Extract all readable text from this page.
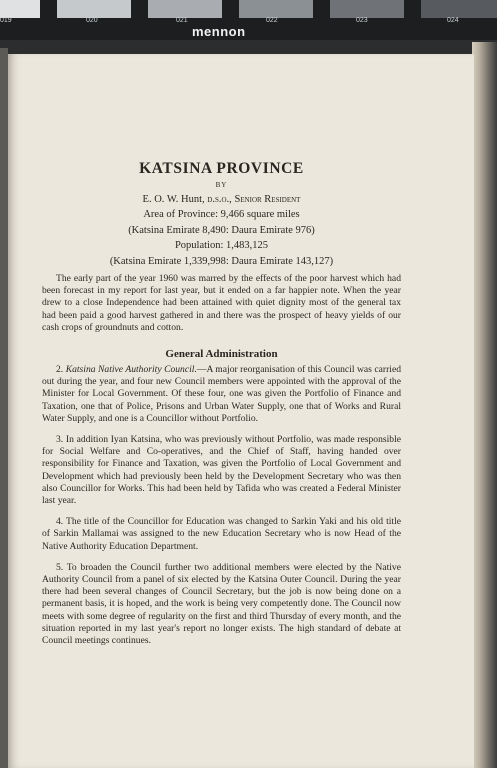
019	020	021	022	023	024
mennon
KATSINA PROVINCE
BY
E. O. W. Hunt, d.s.o., Senior Resident
Area of Province: 9,466 square miles
(Katsina Emirate 8,490: Daura Emirate 976)
Population: 1,483,125
(Katsina Emirate 1,339,998: Daura Emirate 143,127)

The early part of the year 1960 was marred by the effects of the poor harvest which had been forecast in my report for last year, but it ended on a far happier note. When the year drew to a close Independence had been attained with quiet dignity most of the general tax had been paid a good harvest gathered in and there was the prospect of heavy yields of our cash crops of groundnuts and cotton.

General Administration

2. Katsina Native Authority Council.—A major reorganisation of this Council was carried out during the year, and four new Council members were appointed with the approval of the Minister for Local Government. Of these four, one was given the Portfolio of Finance and Taxation, one that of Police, Prisons and Urban Water Supply, one that of Works and Rural Water Supply, and one is a Councillor without Portfolio.

3. In addition Iyan Katsina, who was previously without Portfolio, was made responsible for Social Welfare and Co-operatives, and the Chief of Staff, having handed over responsibility for Finance and Taxation, was given the Portfolio of Local Government and Development which had previously been held by the Development Secretary who was then also Councillor for Works. This had been held by Tafida who was created a Federal Minister last year.

4. The title of the Councillor for Education was changed to Sarkin Yaki and his old title of Sarkin Mallamai was assigned to the new Education Secretary who is now Head of the Native Authority Education Department.

5. To broaden the Council further two additional members were elected by the Native Authority Council from a panel of six elected by the Katsina Outer Council. During the year there had been several changes of Council Secretary, but the job is now being done on a permanent basis, it is hoped, and the work is being very competently done. The Council now meets with some degree of regularity on the first and third Thursday of every month, and the situation reported in my last year's report no longer exists. The high standard of debate at Council meetings continues.
